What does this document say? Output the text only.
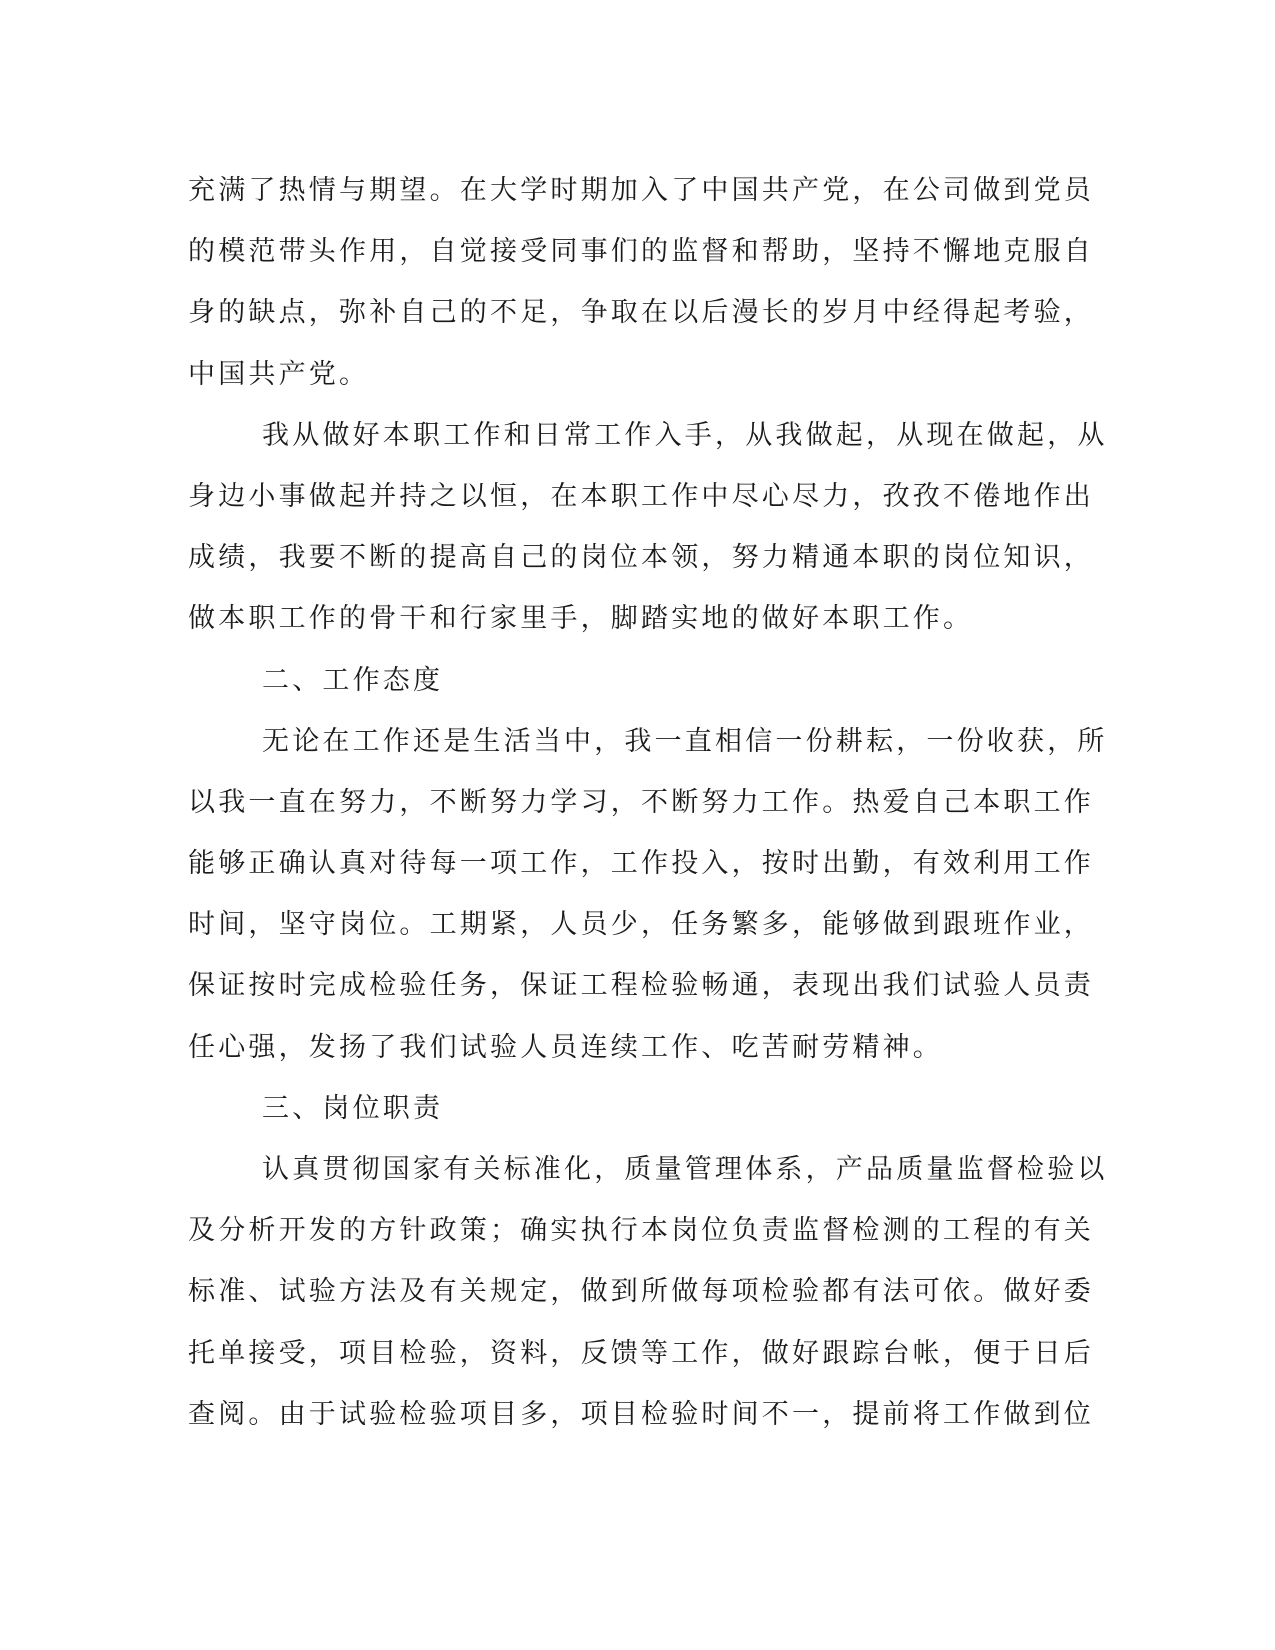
充满了热情与期望。在大学时期加入了中国共产党，在公司做到党员
的模范带头作用，自觉接受同事们的监督和帮助，坚持不懈地克服自
身的缺点，弥补自己的不足，争取在以后漫长的岁月中经得起考验，
中国共产党。
我从做好本职工作和日常工作入手，从我做起，从现在做起，从
身边小事做起并持之以恒，在本职工作中尽心尽力，孜孜不倦地作出
成绩，我要不断的提高自己的岗位本领，努力精通本职的岗位知识，
做本职工作的骨干和行家里手，脚踏实地的做好本职工作。
二、工作态度
无论在工作还是生活当中，我一直相信一份耕耘，一份收获，所
以我一直在努力，不断努力学习，不断努力工作。热爱自己本职工作
能够正确认真对待每一项工作，工作投入，按时出勤，有效利用工作
时间，坚守岗位。工期紧，人员少，任务繁多，能够做到跟班作业，
保证按时完成检验任务，保证工程检验畅通，表现出我们试验人员责
任心强，发扬了我们试验人员连续工作、吃苦耐劳精神。
三、岗位职责
认真贯彻国家有关标准化，质量管理体系，产品质量监督检验以
及分析开发的方针政策；确实执行本岗位负责监督检测的工程的有关
标准、试验方法及有关规定，做到所做每项检验都有法可依。做好委
托单接受，项目检验，资料，反馈等工作，做好跟踪台帐，便于日后
查阅。由于试验检验项目多，项目检验时间不一，提前将工作做到位
